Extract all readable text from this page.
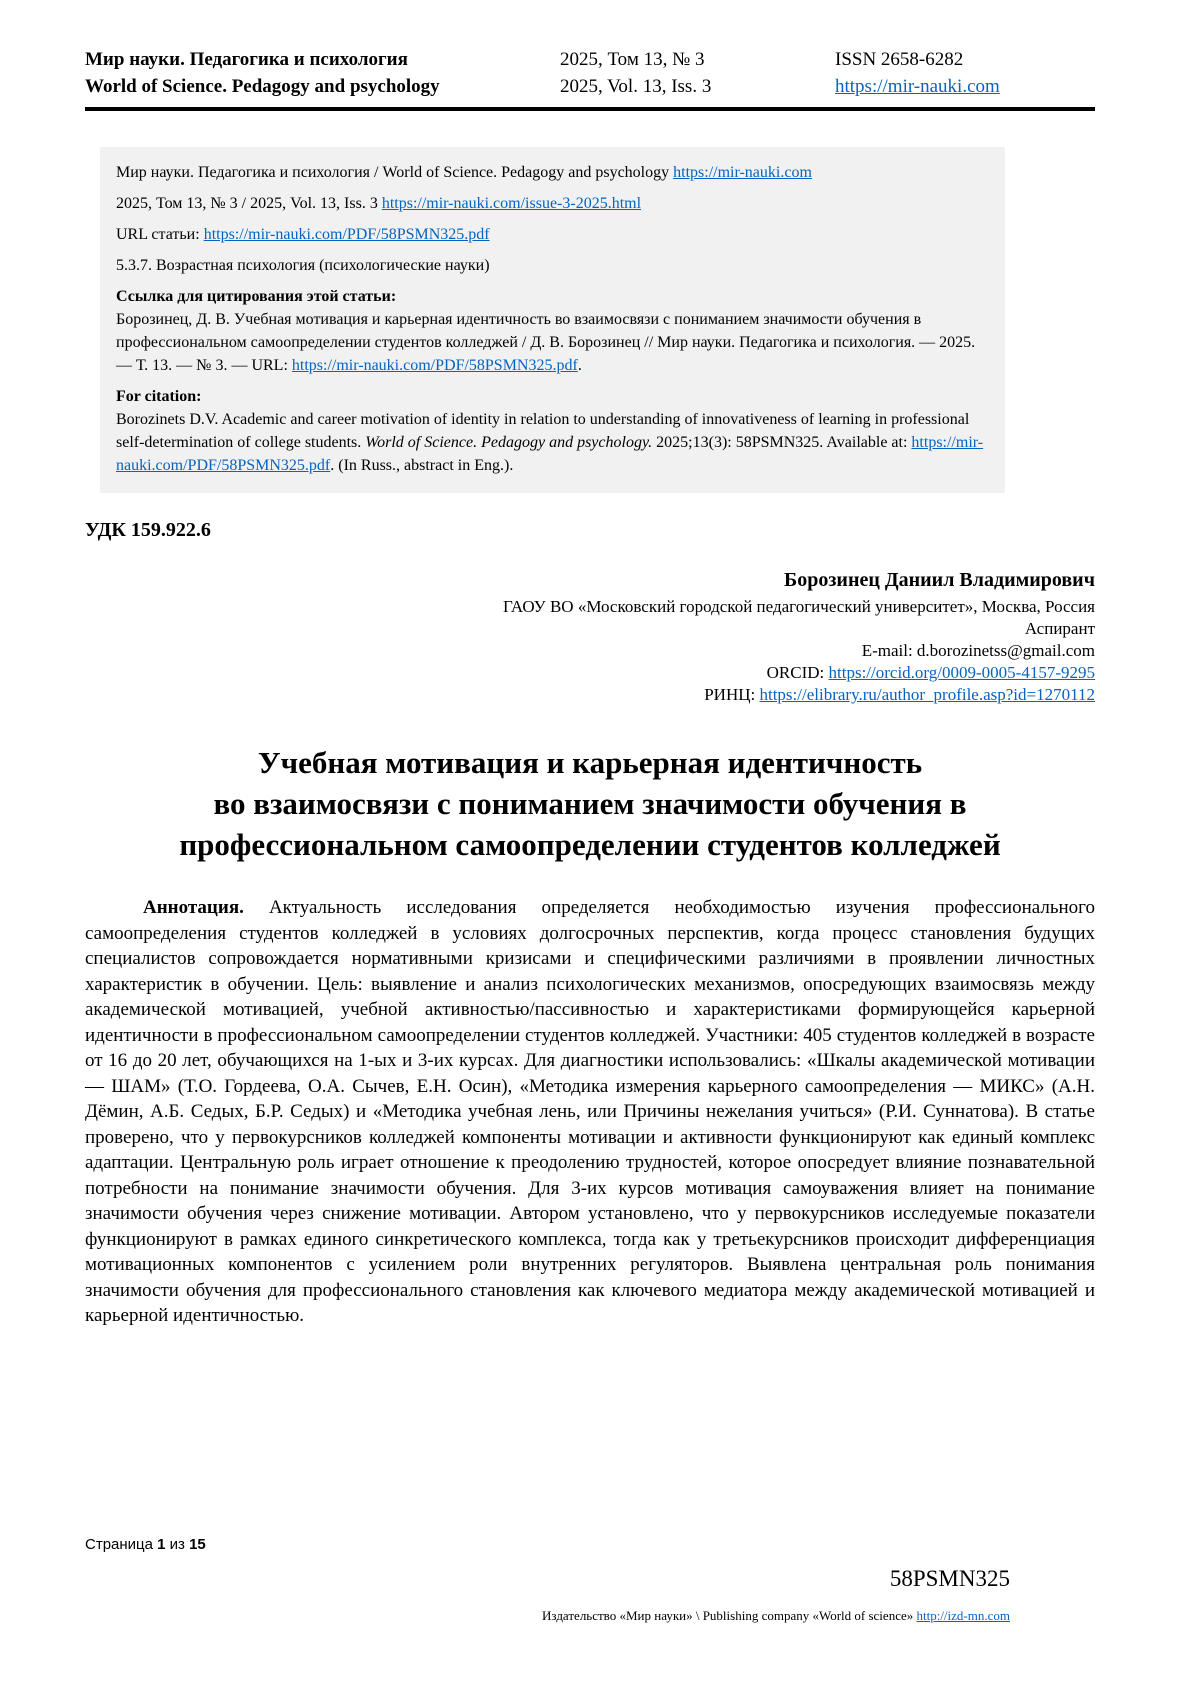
Мир науки. Педагогика и психология
World of Science. Pedagogy and psychology
2025, Том 13, № 3
2025, Vol. 13, Iss. 3
ISSN 2658-6282
https://mir-nauki.com
Мир науки. Педагогика и психология / World of Science. Pedagogy and psychology https://mir-nauki.com
2025, Том 13, № 3 / 2025, Vol. 13, Iss. 3 https://mir-nauki.com/issue-3-2025.html
URL статьи: https://mir-nauki.com/PDF/58PSMN325.pdf
5.3.7. Возрастная психология (психологические науки)
Ссылка для цитирования этой статьи:
Борозинец, Д. В. Учебная мотивация и карьерная идентичность во взаимосвязи с пониманием значимости обучения в профессиональном самоопределении студентов колледжей / Д. В. Борозинец // Мир науки. Педагогика и психология. — 2025. — Т. 13. — № 3. — URL: https://mir-nauki.com/PDF/58PSMN325.pdf.
For citation:
Borozinets D.V. Academic and career motivation of identity in relation to understanding of innovativeness of learning in professional self-determination of college students. World of Science. Pedagogy and psychology. 2025;13(3): 58PSMN325. Available at: https://mir-nauki.com/PDF/58PSMN325.pdf. (In Russ., abstract in Eng.).
УДК 159.922.6
Борозинец Даниил Владимирович
ГАОУ ВО «Московский городской педагогический университет», Москва, Россия
Аспирант
E-mail: d.borozinetss@gmail.com
ORCID: https://orcid.org/0009-0005-4157-9295
РИНЦ: https://elibrary.ru/author_profile.asp?id=1270112
Учебная мотивация и карьерная идентичность
во взаимосвязи с пониманием значимости обучения в
профессиональном самоопределении студентов колледжей

Аннотация. Актуальность исследования определяется необходимостью изучения профессионального самоопределения студентов колледжей в условиях долгосрочных перспектив, когда процесс становления будущих специалистов сопровождается нормативными кризисами и специфическими различиями в проявлении личностных характеристик в обучении. Цель: выявление и анализ психологических механизмов, опосредующих взаимосвязь между академической мотивацией, учебной активностью/пассивностью и характеристиками формирующейся карьерной идентичности в профессиональном самоопределении студентов колледжей. Участники: 405 студентов колледжей в возрасте от 16 до 20 лет, обучающихся на 1-ых и 3-их курсах. Для диагностики использовались: «Шкалы академической мотивации — ШАМ» (Т.О. Гордеева, О.А. Сычев, Е.Н. Осин), «Методика измерения карьерного самоопределения — МИКС» (А.Н. Дёмин, А.Б. Седых, Б.Р. Седых) и «Методика учебная лень, или Причины нежелания учиться» (Р.И. Суннатова). В статье проверено, что у первокурсников колледжей компоненты мотивации и активности функционируют как единый комплекс адаптации. Центральную роль играет отношение к преодолению трудностей, которое опосредует влияние познавательной потребности на понимание значимости обучения. Для 3-их курсов мотивация самоуважения влияет на понимание значимости обучения через снижение мотивации. Автором установлено, что у первокурсников исследуемые показатели функционируют в рамках единого синкретического комплекса, тогда как у третьекурсников происходит дифференциация мотивационных компонентов с усилением роли внутренних регуляторов. Выявлена центральная роль понимания значимости обучения для профессионального становления как ключевого медиатора между академической мотивацией и карьерной идентичностью.

Страница 1 из 15
58PSMN325
Издательство «Мир науки» \ Publishing company «World of science» http://izd-mn.com
